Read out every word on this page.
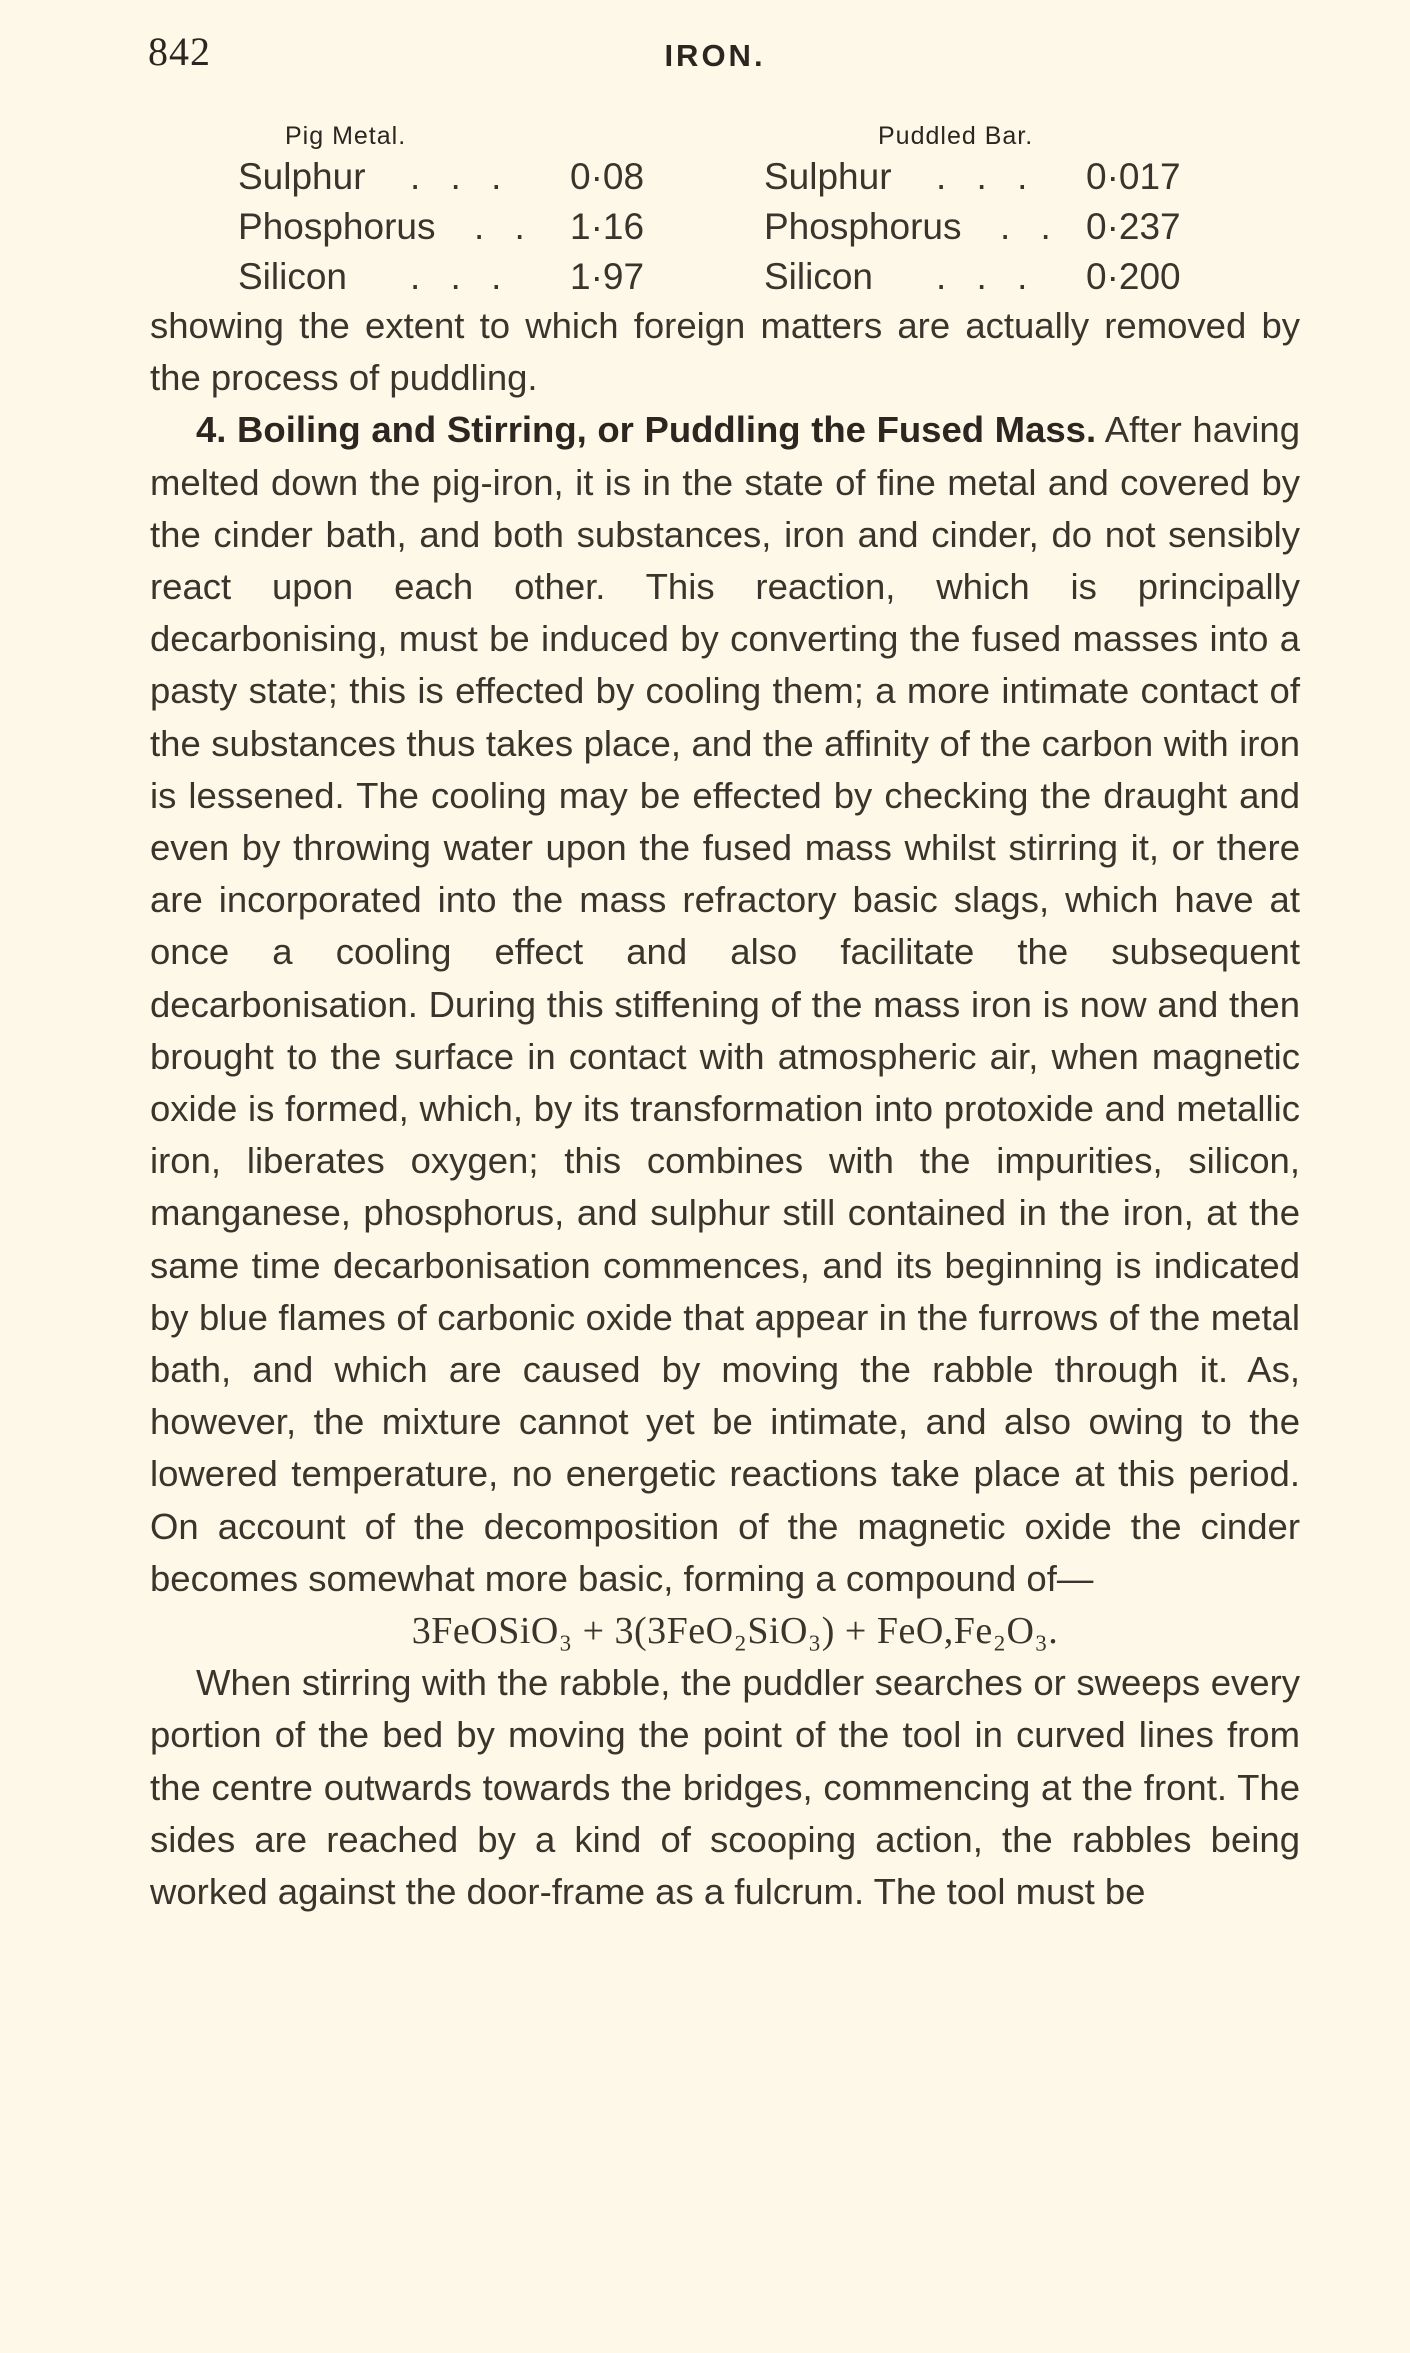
842	IRON.
Pig Metal.	Puddled Bar.
Sulphur . . . 0·08
Phosphorus . . 1·16
Silicon . . . 1·97
Sulphur . . . 0·017
Phosphorus . . 0·237
Silicon . . . 0·200

showing the extent to which foreign matters are actually removed by the process of puddling.

4. Boiling and Stirring, or Puddling the Fused Mass. After having melted down the pig-iron, it is in the state of fine metal and covered by the cinder bath, and both substances, iron and cinder, do not sensibly react upon each other. This reaction, which is principally decarbonising, must be induced by converting the fused masses into a pasty state; this is effected by cooling them; a more intimate contact of the substances thus takes place, and the affinity of the carbon with iron is lessened. The cooling may be effected by checking the draught and even by throwing water upon the fused mass whilst stirring it, or there are incorporated into the mass refractory basic slags, which have at once a cooling effect and also facilitate the subsequent decarbonisation. During this stiffening of the mass iron is now and then brought to the surface in contact with atmospheric air, when magnetic oxide is formed, which, by its transformation into protoxide and metallic iron, liberates oxygen; this combines with the impurities, silicon, manganese, phosphorus, and sulphur still contained in the iron, at the same time decarbonisation commences, and its beginning is indicated by blue flames of carbonic oxide that appear in the furrows of the metal bath, and which are caused by moving the rabble through it. As, however, the mixture cannot yet be intimate, and also owing to the lowered temperature, no energetic reactions take place at this period. On account of the decomposition of the magnetic oxide the cinder becomes somewhat more basic, forming a compound of—

3FeOSiO₃ + 3(3FeO₂SiO₃) + FeO,Fe₂O₃.

When stirring with the rabble, the puddler searches or sweeps every portion of the bed by moving the point of the tool in curved lines from the centre outwards towards the bridges, commencing at the front. The sides are reached by a kind of scooping action, the rabbles being worked against the door-frame as a fulcrum. The tool must be
